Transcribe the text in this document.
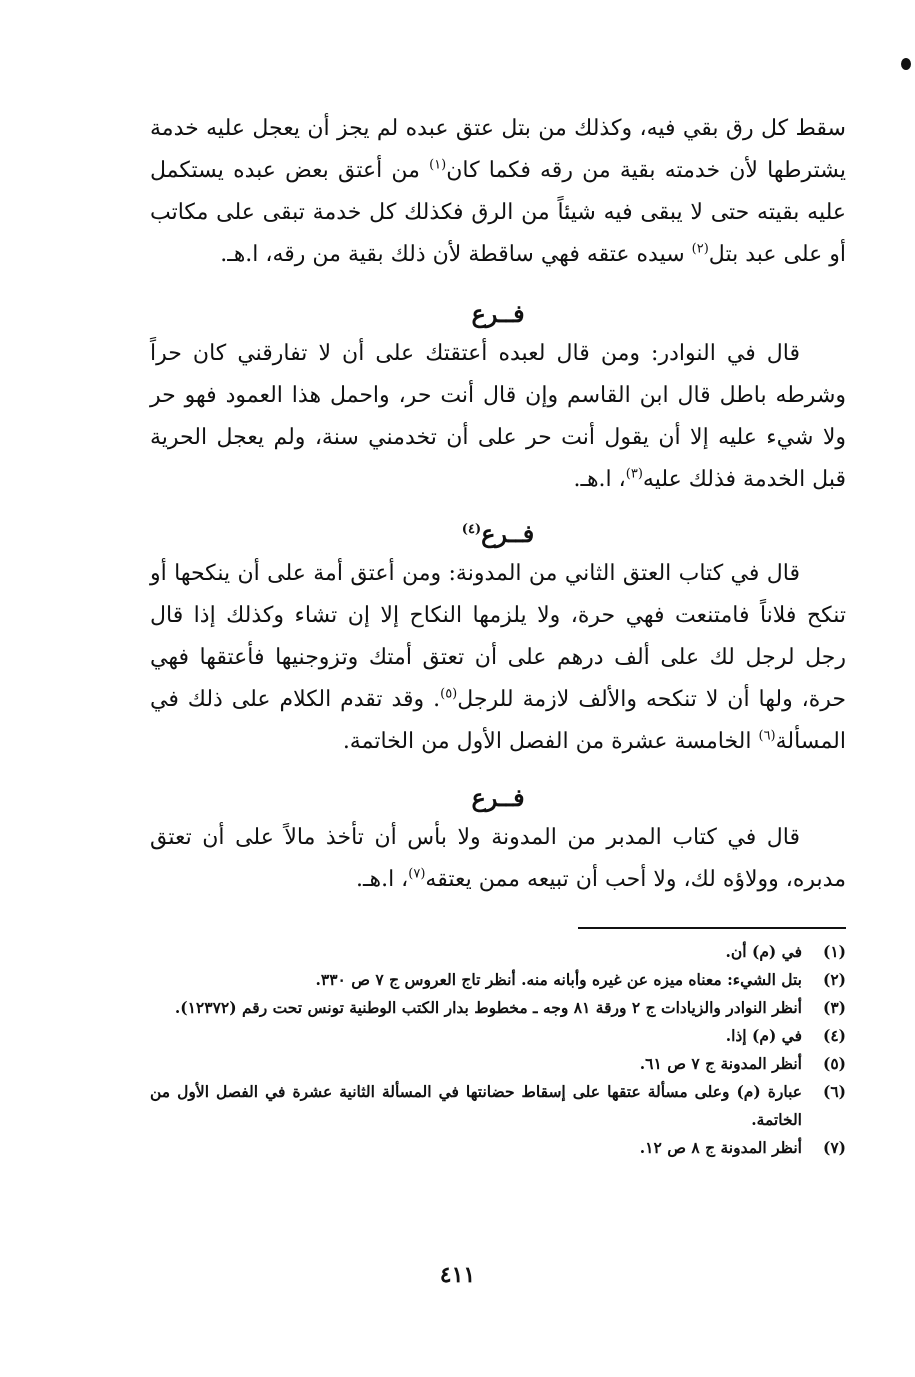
سقط كل رق بقي فيه، وكذلك من بتل عتق عبده لم يجز أن يعجل عليه خدمة يشترطها لأن خدمته بقية من رقه فكما كان$^{(١)}$ من أعتق بعض عبده يستكمل عليه بقيته حتى لا يبقى فيه شيئاً من الرق فكذلك كل خدمة تبقى على مكاتب أو على عبد بتل$^{(٢)}$ سيده عتقه فهي ساقطة لأن ذلك بقية من رقه، ا.هـ.

فــرع

قال في النوادر: ومن قال لعبده أعتقتك على أن لا تفارقني كان حراً وشرطه باطل قال ابن القاسم وإن قال أنت حر، واحمل هذا العمود فهو حر ولا شيء عليه إلا أن يقول أنت حر على أن تخدمني سنة، ولم يعجل الحرية قبل الخدمة فذلك عليه$^{(٣)}$، ا.هـ.

فــرع$^{(٤)}$

قال في كتاب العتق الثاني من المدونة: ومن أعتق أمة على أن ينكحها أو تنكح فلاناً فامتنعت فهي حرة، ولا يلزمها النكاح إلا إن تشاء وكذلك إذا قال رجل لرجل لك على ألف درهم على أن تعتق أمتك وتزوجنيها فأعتقها فهي حرة، ولها أن لا تنكحه والألف لازمة للرجل$^{(٥)}$. وقد تقدم الكلام على ذلك في المسألة$^{(٦)}$ الخامسة عشرة من الفصل الأول من الخاتمة.

فــرع

قال في كتاب المدبر من المدونة ولا بأس أن تأخذ مالاً على أن تعتق مدبره، وولاؤه لك، ولا أحب أن تبيعه ممن يعتقه$^{(٧)}$، ا.هـ.

(١)
في (م) أن.
(٢)
بتل الشيء: معناه ميزه عن غيره وأبانه منه. أنظر تاج العروس ج ٧ ص ٣٣٠.
(٣)
أنظر النوادر والزيادات ج ٢ ورقة ٨١ وجه ـ مخطوط بدار الكتب الوطنية تونس تحت رقم (١٢٣٧٢).
(٤)
في (م) إذا.
(٥)
أنظر المدونة ج ٧ ص ٦١.
(٦)
عبارة (م) وعلى مسألة عتقها على إسقاط حضانتها في المسألة الثانية عشرة في الفصل الأول من الخاتمة.
(٧)
أنظر المدونة ج ٨ ص ١٢.
٤١١
